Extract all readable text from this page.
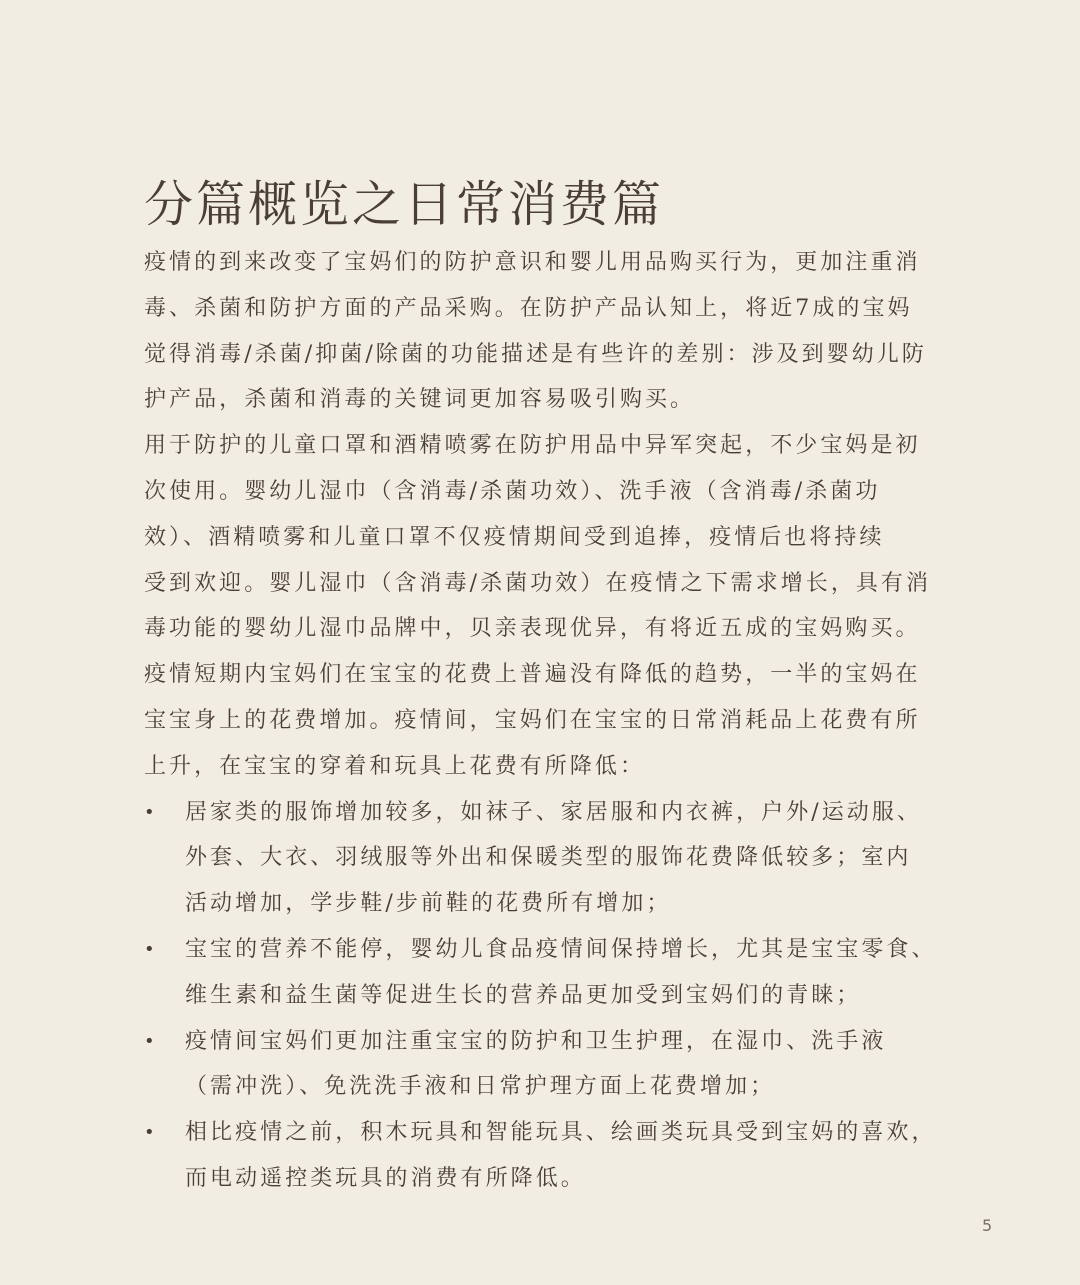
分篇概览之日常消费篇

疫情的到来改变了宝妈们的防护意识和婴儿用品购买行为，更加注重消
毒、杀菌和防护方面的产品采购。在防护产品认知上，将近7成的宝妈
觉得消毒/杀菌/抑菌/除菌的功能描述是有些许的差别：涉及到婴幼儿防
护产品，杀菌和消毒的关键词更加容易吸引购买。

用于防护的儿童口罩和酒精喷雾在防护用品中异军突起，不少宝妈是初
次使用。婴幼儿湿巾（含消毒/杀菌功效）、洗手液（含消毒/杀菌功
效）、酒精喷雾和儿童口罩不仅疫情期间受到追捧，疫情后也将持续
受到欢迎。婴儿湿巾（含消毒/杀菌功效）在疫情之下需求增长，具有消
毒功能的婴幼儿湿巾品牌中，贝亲表现优异，有将近五成的宝妈购买。

疫情短期内宝妈们在宝宝的花费上普遍没有降低的趋势，一半的宝妈在
宝宝身上的花费增加。疫情间，宝妈们在宝宝的日常消耗品上花费有所
上升，在宝宝的穿着和玩具上花费有所降低：

• 居家类的服饰增加较多，如袜子、家居服和内衣裤，户外/运动服、
外套、大衣、羽绒服等外出和保暖类型的服饰花费降低较多；室内
活动增加，学步鞋/步前鞋的花费所有增加；
• 宝宝的营养不能停，婴幼儿食品疫情间保持增长，尤其是宝宝零食、
维生素和益生菌等促进生长的营养品更加受到宝妈们的青睐；
• 疫情间宝妈们更加注重宝宝的防护和卫生护理，在湿巾、洗手液
（需冲洗）、免洗洗手液和日常护理方面上花费增加；
• 相比疫情之前，积木玩具和智能玩具、绘画类玩具受到宝妈的喜欢，
而电动遥控类玩具的消费有所降低。
5
